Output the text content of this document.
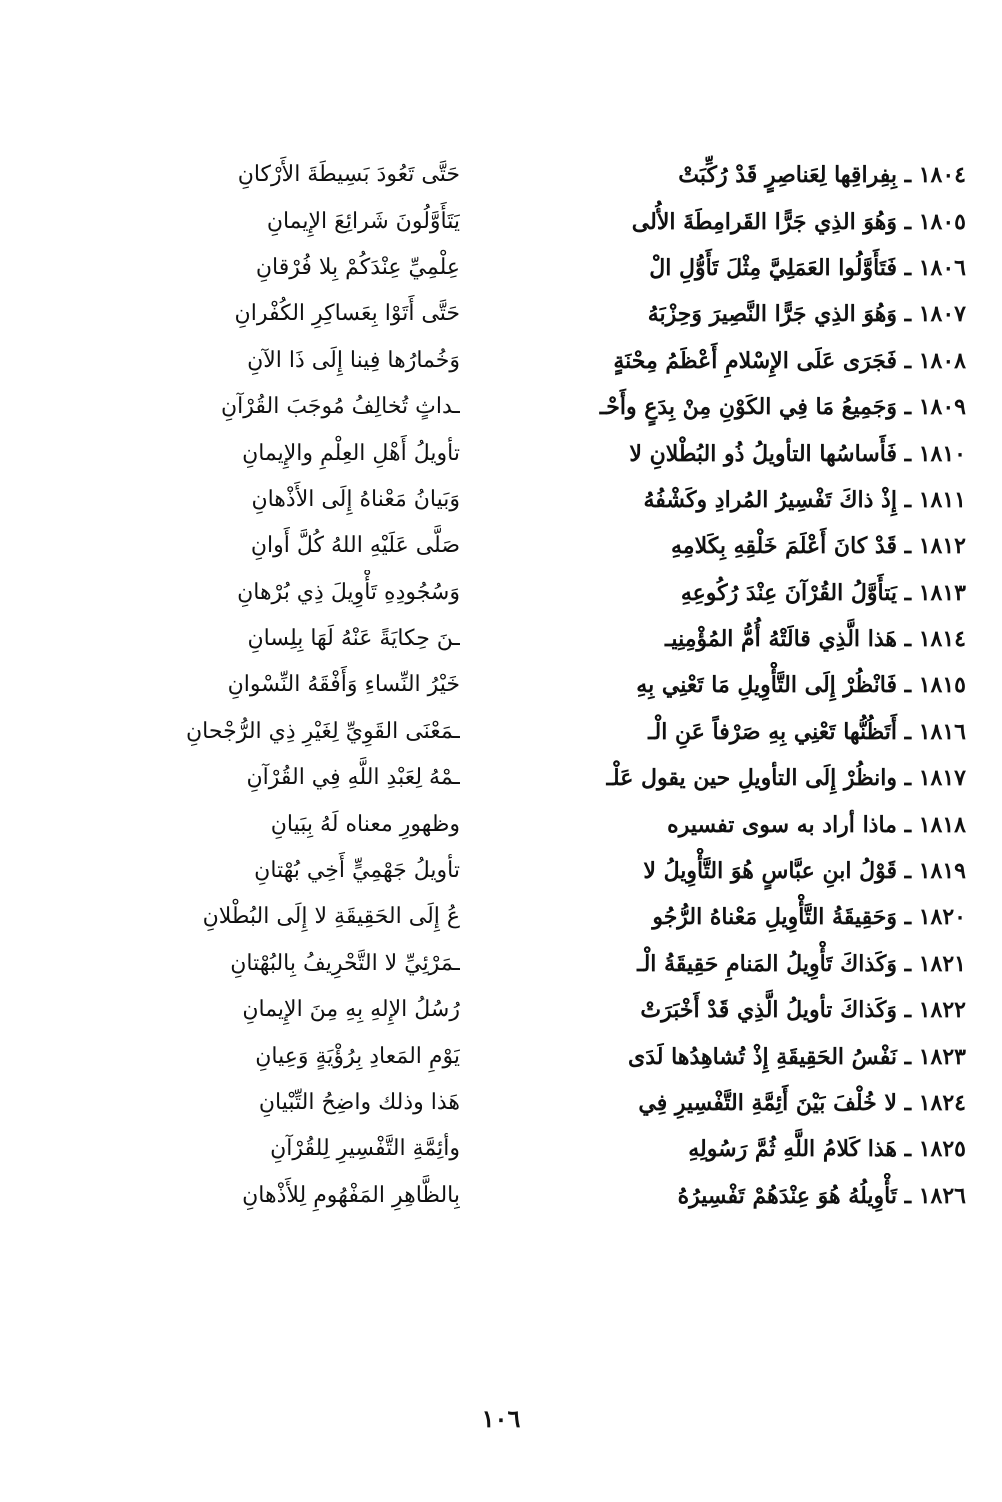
١٨٠٤ ـ بِفِراقِها لِعَناصِرٍ قَدْ رُكِّبَتْ
حَتَّى تَعُودَ بَسِيطَةَ الأَرْكانِ
١٨٠٥ ـ وَهُوَ الذِي جَرًّا القَرامِطَةَ الأُلى
يَتَأَوَّلُونَ شَرائِعَ الإِيمانِ
١٨٠٦ ـ فَتَأَوَّلُوا العَمَلِيَّ مِثْلَ تَأَوُّلِ الْ
عِلْمِيِّ عِنْدَكُمْ بِلا فُرْقانِ
١٨٠٧ ـ وَهُوَ الذِي جَرًّا النَّصِيرَ وَحِزْبَهُ
حَتَّى أَتَوْا بِعَساكِرِ الكُفْرانِ
١٨٠٨ ـ فَجَرَى عَلَى الإِسْلامِ أَعْظَمُ مِحْنَةٍ
وَخُمارُها فِينا إِلَى ذَا الآنِ
١٨٠٩ ـ وَجَمِيعُ مَا فِي الكَوْنِ مِنْ بِدَعٍ وأَحْـ
ـداثٍ تُخالِفُ مُوجَبَ القُرْآنِ
١٨١٠ ـ فَأَساسُها التأويلُ ذُو البُطْلانِ لا
تأويلُ أَهْلِ العِلْمِ والإِيمانِ
١٨١١ ـ إِذْ ذاكَ تَفْسِيرُ المُرادِ وكَشْفُهُ
وَبَيانُ مَعْناهُ إِلَى الأَذْهانِ
١٨١٢ ـ قَدْ كانَ أَعْلَمَ خَلْقِهِ بِكَلامِهِ
صَلَّى عَلَيْهِ اللهُ كُلَّ أَوانِ
١٨١٣ ـ يَتأَوَّلُ القُرْآنَ عِنْدَ رُكُوعِهِ
وَسُجُودِهِ تَأْوِيلَ ذِي بُرْهانِ
١٨١٤ ـ هَذا الَّذِي قالَتْهُ أُمُّ المُؤْمِنِيـ
ـنَ حِكايَةً عَنْهُ لَهَا بِلِسانِ
١٨١٥ ـ فَانْظُرْ إِلَى التَّأْوِيلِ مَا تَعْنِي بِهِ
خَيْرُ النِّساءِ وَأَفْقَهُ النِّسْوانِ
١٨١٦ ـ أَتَظُنُّها تَعْنِي بِهِ صَرْفاً عَنِ الْـ
ـمَعْنَى القَوِيِّ لِغَيْرِ ذِي الرُّجْحانِ
١٨١٧ ـ وانظُرْ إِلَى التأويلِ حين يقول عَلْـ
ـمْهُ لِعَبْدِ اللَّهِ فِي القُرْآنِ
١٨١٨ ـ ماذا أراد به سوى تفسيره
وظهورِ معناه لَهُ بِبَيانِ
١٨١٩ ـ قَوْلُ ابنِ عبَّاسٍ هُوَ التَّأْوِيلُ لا
تأويلُ جَهْمِيٍّ أَخِي بُهْتانِ
١٨٢٠ ـ وَحَقِيقَةُ التَّأْوِيلِ مَعْناهُ الرُّجُو
عُ إِلَى الحَقِيقَةِ لا إِلَى البُطْلانِ
١٨٢١ ـ وَكَذاكَ تَأْوِيلُ المَنامِ حَقِيقَةُ الْـ
ـمَرْئِيِّ لا التَّحْرِيفُ بِالبُهْتانِ
١٨٢٢ ـ وَكَذاكَ تأويلُ الَّذِي قَدْ أَخْبَرَتْ
رُسُلُ الإِلهِ بِهِ مِنَ الإِيمانِ
١٨٢٣ ـ نَفْسُ الحَقِيقَةِ إِذْ تُشاهِدُها لَدَى
يَوْمِ المَعادِ بِرُؤْيَةٍ وَعِيانِ
١٨٢٤ ـ لا خُلْفَ بَيْنَ أَئِمَّةِ التَّفْسِيرِ فِي
هَذا وذلك واضِحُ التِّبْيانِ
١٨٢٥ ـ هَذا كَلامُ اللَّهِ ثُمَّ رَسُولِهِ
وأئِمَّةِ التَّفْسِيرِ لِلقُرْآنِ
١٨٢٦ ـ تَأْوِيلُهُ هُوَ عِنْدَهُمْ تَفْسِيرُهُ
بِالظَّاهِرِ المَفْهُومِ لِلأَذْهانِ
١٠٦
